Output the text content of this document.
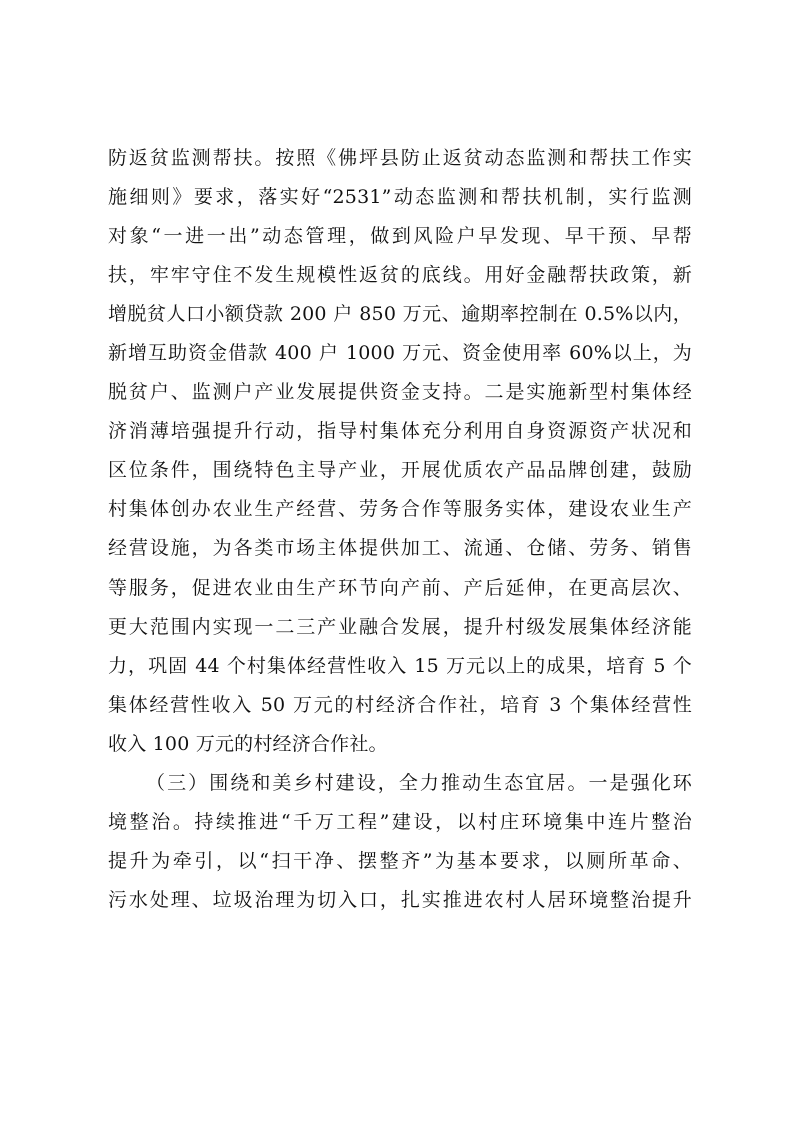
防返贫监测帮扶。按照《佛坪县防止返贫动态监测和帮扶工作实
施细则》要求，落实好“2531”动态监测和帮扶机制，实行监测
对象“一进一出”动态管理，做到风险户早发现、早干预、早帮
扶，牢牢守住不发生规模性返贫的底线。用好金融帮扶政策，新
增脱贫人口小额贷款 200 户 850 万元、逾期率控制在 0.5%以内，
新增互助资金借款 400 户 1000 万元、资金使用率 60%以上，为
脱贫户、监测户产业发展提供资金支持。二是实施新型村集体经
济消薄培强提升行动，指导村集体充分利用自身资源资产状况和
区位条件，围绕特色主导产业，开展优质农产品品牌创建，鼓励
村集体创办农业生产经营、劳务合作等服务实体，建设农业生产
经营设施，为各类市场主体提供加工、流通、仓储、劳务、销售
等服务，促进农业由生产环节向产前、产后延伸，在更高层次、
更大范围内实现一二三产业融合发展，提升村级发展集体经济能
力，巩固 44 个村集体经营性收入 15 万元以上的成果，培育 5 个
集体经营性收入 50 万元的村经济合作社，培育 3 个集体经营性
收入 100 万元的村经济合作社。
（三）围绕和美乡村建设，全力推动生态宜居。一是强化环
境整治。持续推进“千万工程”建设，以村庄环境集中连片整治
提升为牵引，以“扫干净、摆整齐”为基本要求，以厕所革命、
污水处理、垃圾治理为切入口，扎实推进农村人居环境整治提升
